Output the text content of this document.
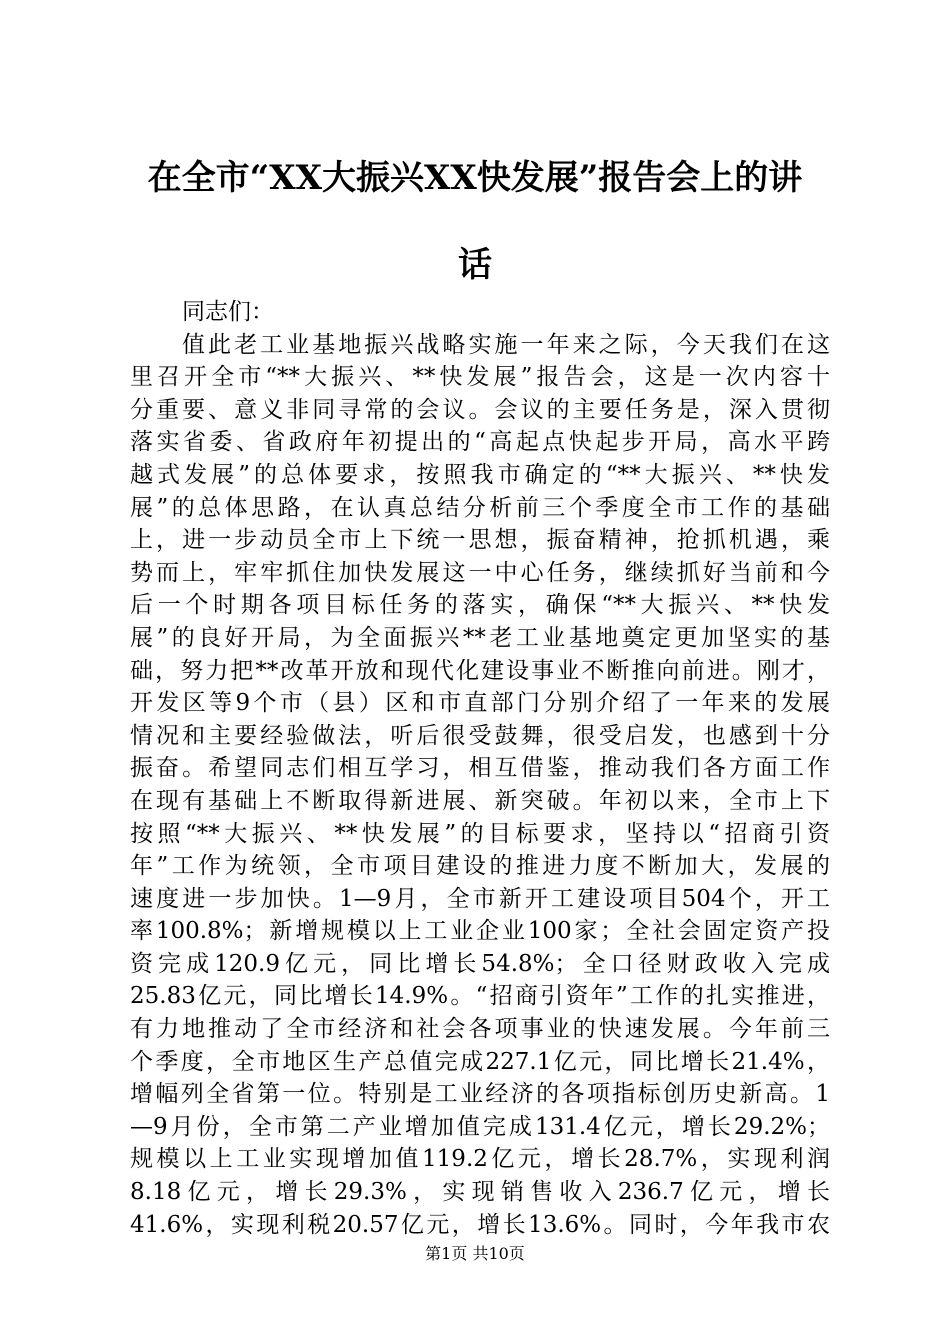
在全市“XX大振兴XX快发展”报告会上的讲
话
同志们：
值此老工业基地振兴战略实施一年来之际，今天我们在这
里召开全市“**大振兴、**快发展”报告会，这是一次内容十
分重要、意义非同寻常的会议。会议的主要任务是，深入贯彻
落实省委、省政府年初提出的“高起点快起步开局，高水平跨
越式发展”的总体要求，按照我市确定的“**大振兴、**快发
展”的总体思路，在认真总结分析前三个季度全市工作的基础
上，进一步动员全市上下统一思想，振奋精神，抢抓机遇，乘
势而上，牢牢抓住加快发展这一中心任务，继续抓好当前和今
后一个时期各项目标任务的落实，确保“**大振兴、**快发
展”的良好开局，为全面振兴**老工业基地奠定更加坚实的基
础，努力把**改革开放和现代化建设事业不断推向前进。刚才，
开发区等9个市（县）区和市直部门分别介绍了一年来的发展
情况和主要经验做法，听后很受鼓舞，很受启发，也感到十分
振奋。希望同志们相互学习，相互借鉴，推动我们各方面工作
在现有基础上不断取得新进展、新突破。年初以来，全市上下
按照“**大振兴、**快发展”的目标要求，坚持以“招商引资
年”工作为统领，全市项目建设的推进力度不断加大，发展的
速度进一步加快。1—9月，全市新开工建设项目504个，开工
率100.8%；新增规模以上工业企业100家；全社会固定资产投
资完成120.9亿元，同比增长54.8%；全口径财政收入完成
25.83亿元，同比增长14.9%。“招商引资年”工作的扎实推进，
有力地推动了全市经济和社会各项事业的快速发展。今年前三
个季度，全市地区生产总值完成227.1亿元，同比增长21.4%，
增幅列全省第一位。特别是工业经济的各项指标创历史新高。1
—9月份，全市第二产业增加值完成131.4亿元，增长29.2%；
规模以上工业实现增加值119.2亿元，增长28.7%，实现利润
8.18亿元，增长29.3%，实现销售收入236.7亿元，增长
41.6%，实现利税20.57亿元，增长13.6%。同时，今年我市农
第1页 共10页
